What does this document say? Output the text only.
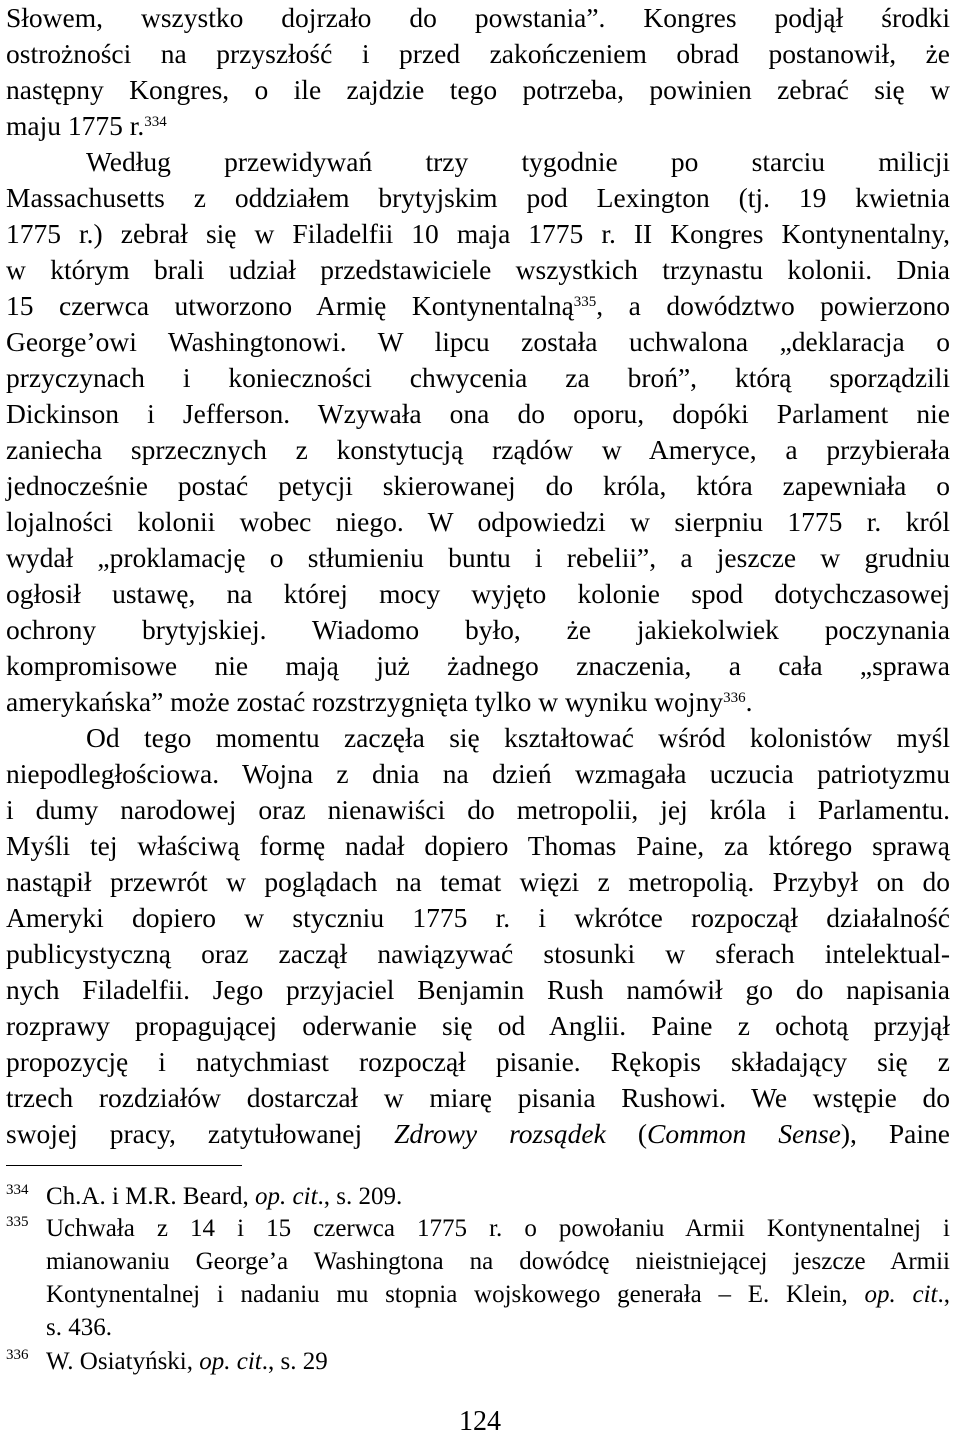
Słowem, wszystko dojrzało do powstania”. Kongres podjął środki
ostrożności na przyszłość i przed zakończeniem obrad postanowił, że
następny Kongres, o ile zajdzie tego potrzeba, powinien zebrać się w
maju 1775 r.$^{334}$
Według przewidywań trzy tygodnie po starciu milicji
Massachusetts z oddziałem brytyjskim pod Lexington (tj. 19 kwietnia
1775 r.) zebrał się w Filadelfii 10 maja 1775 r. II Kongres Kontynentalny,
w którym brali udział przedstawiciele wszystkich trzynastu kolonii. Dnia
15 czerwca utworzono Armię Kontynentalną$^{335}$, a dowództwo powierzono
George’owi Washingtonowi. W lipcu została uchwalona „deklaracja o
przyczynach i konieczności chwycenia za broń”, którą sporządzili
Dickinson i Jefferson. Wzywała ona do oporu, dopóki Parlament nie
zaniecha sprzecznych z konstytucją rządów w Ameryce, a przybierała
jednocześnie postać petycji skierowanej do króla, która zapewniała o
lojalności kolonii wobec niego. W odpowiedzi w sierpniu 1775 r. król
wydał „proklamację o stłumieniu buntu i rebelii”, a jeszcze w grudniu
ogłosił ustawę, na której mocy wyjęto kolonie spod dotychczasowej
ochrony brytyjskiej. Wiadomo było, że jakiekolwiek poczynania
kompromisowe nie mają już żadnego znaczenia, a cała „sprawa
amerykańska” może zostać rozstrzygnięta tylko w wyniku wojny$^{336}$.
Od tego momentu zaczęła się kształtować wśród kolonistów myśl
niepodległościowa. Wojna z dnia na dzień wzmagała uczucia patriotyzmu
i dumy narodowej oraz nienawiści do metropolii, jej króla i Parlamentu.
Myśli tej właściwą formę nadał dopiero Thomas Paine, za którego sprawą
nastąpił przewrót w poglądach na temat więzi z metropolią. Przybył on do
Ameryki dopiero w styczniu 1775 r. i wkrótce rozpoczął działalność
publicystyczną oraz zaczął nawiązywać stosunki w sferach intelektual-
nych Filadelfii. Jego przyjaciel Benjamin Rush namówił go do napisania
rozprawy propagującej oderwanie się od Anglii. Paine z ochotą przyjął
propozycję i natychmiast rozpoczął pisanie. Rękopis składający się z
trzech rozdziałów dostarczał w miarę pisania Rushowi. We wstępie do
swojej pracy, zatytułowanej Zdrowy rozsądek (Common Sense), Paine
334 Ch.A. i M.R. Beard, op. cit., s. 209.
335 Uchwała z 14 i 15 czerwca 1775 r. o powołaniu Armii Kontynentalnej i
mianowaniu George’a Washingtona na dowódcę nieistniejącej jeszcze Armii
Kontynentalnej i nadaniu mu stopnia wojskowego generała – E. Klein, op. cit.,
s. 436.
336 W. Osiatyński, op. cit., s. 29
124
